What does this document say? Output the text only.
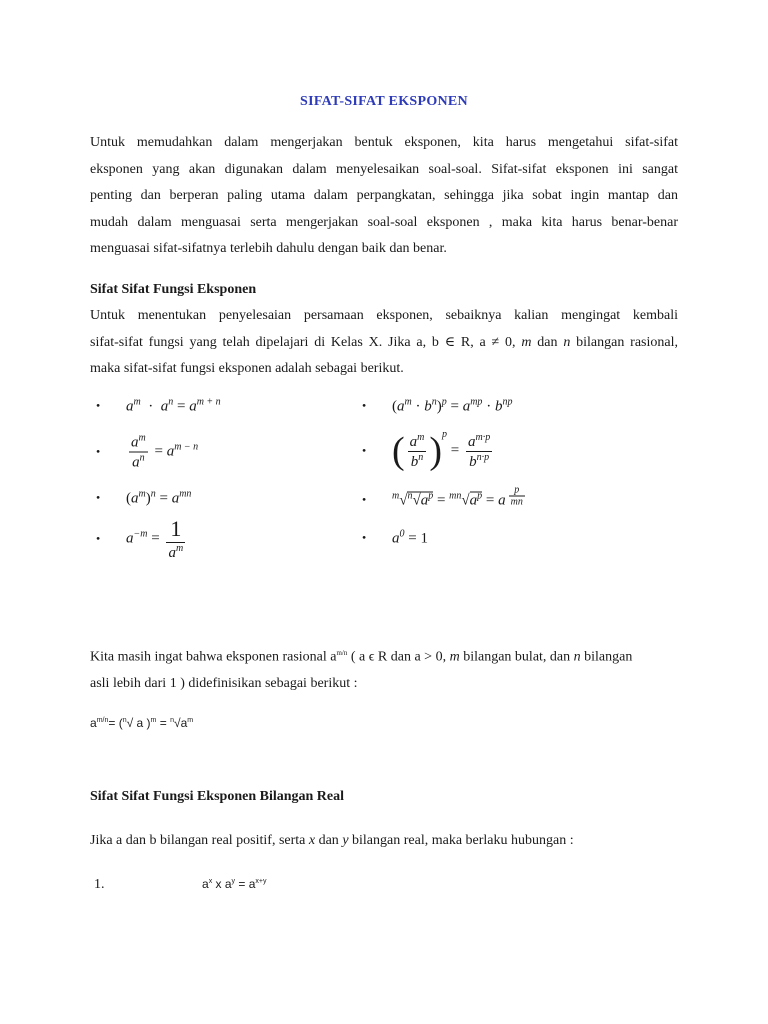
SIFAT-SIFAT EKSPONEN
Untuk memudahkan dalam mengerjakan bentuk eksponen, kita harus mengetahui sifat-sifat
eksponen yang akan digunakan dalam menyelesaikan soal-soal. Sifat-sifat eksponen ini sangat
penting dan berperan paling utama dalam perpangkatan, sehingga jika sobat ingin mantap dan
mudah dalam menguasai serta mengerjakan soal-soal eksponen , maka kita harus benar-benar
menguasai sifat-sifatnya terlebih dahulu dengan baik dan benar.
Sifat Sifat Fungsi Eksponen
Untuk menentukan penyelesaian persamaan eksponen, sebaiknya kalian mengingat kembali
sifat-sifat fungsi yang telah dipelajari di Kelas X. Jika a, b ∈ R, a ≠ 0, m dan n bilangan rasional,
maka sifat-sifat fungsi eksponen adalah sebagai berikut.
• $a^m \cdot a^n = a^{m + n}$
• $\frac{a^m}{a^n} = a^{m - n}$
• $(a^m)^n = a^{mn}$
• $a^{-m} = \frac{1}{a^m}$
• $(a^m \cdot b^n)^p = a^{mp} \cdot b^{np}$
• ( $\frac{a^m}{b^n} )^p = \frac{a^{m\cdot p}}{b^{n\cdot p}}$
•	$^m√^n√a^p = ^{mn}√a^p = a \frac{p}{mn}$
• $a^0 = 1$
Kita masih ingat bahwa eksponen rasional $a^{m/n}$ ( a ϵ R dan a > 0, m bilangan bulat, dan n bilangan
asli lebih dari 1 ) didefinisikan sebagai berikut :
$a^{m/n}= (^n√$ a )$^m = ^n√a^m$
Sifat Sifat Fungsi Eksponen Bilangan Real
Jika a dan b bilangan real positif, serta x dan y bilangan real, maka berlaku hubungan :
1.	$a^x$ x $a^y = a^{x+y}$
